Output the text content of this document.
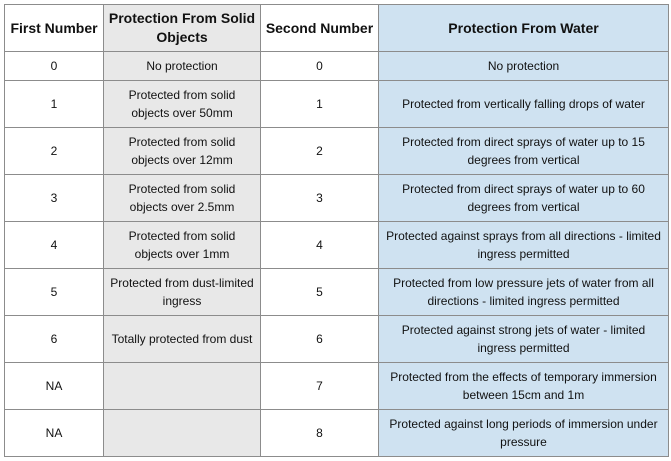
First Number	Protection From Solid Objects	Second Number	Protection From Water
0	No protection	0	No protection
1	Protected from solid objects over 50mm	1	Protected from vertically falling drops of water
2	Protected from solid objects over 12mm	2	Protected from direct sprays of water up to 15 degrees from vertical
3	Protected from solid objects over 2.5mm	3	Protected from direct sprays of water up to 60 degrees from vertical
4	Protected from solid objects over 1mm	4	Protected against sprays from all directions - limited ingress permitted
5	Protected from dust-limited ingress	5	Protected from low pressure jets of water from all directions - limited ingress permitted
6	Totally protected from dust	6	Protected against strong jets of water - limited ingress permitted
NA		7	Protected from the effects of temporary immersion between 15cm and 1m
NA		8	Protected against long periods of immersion under pressure
